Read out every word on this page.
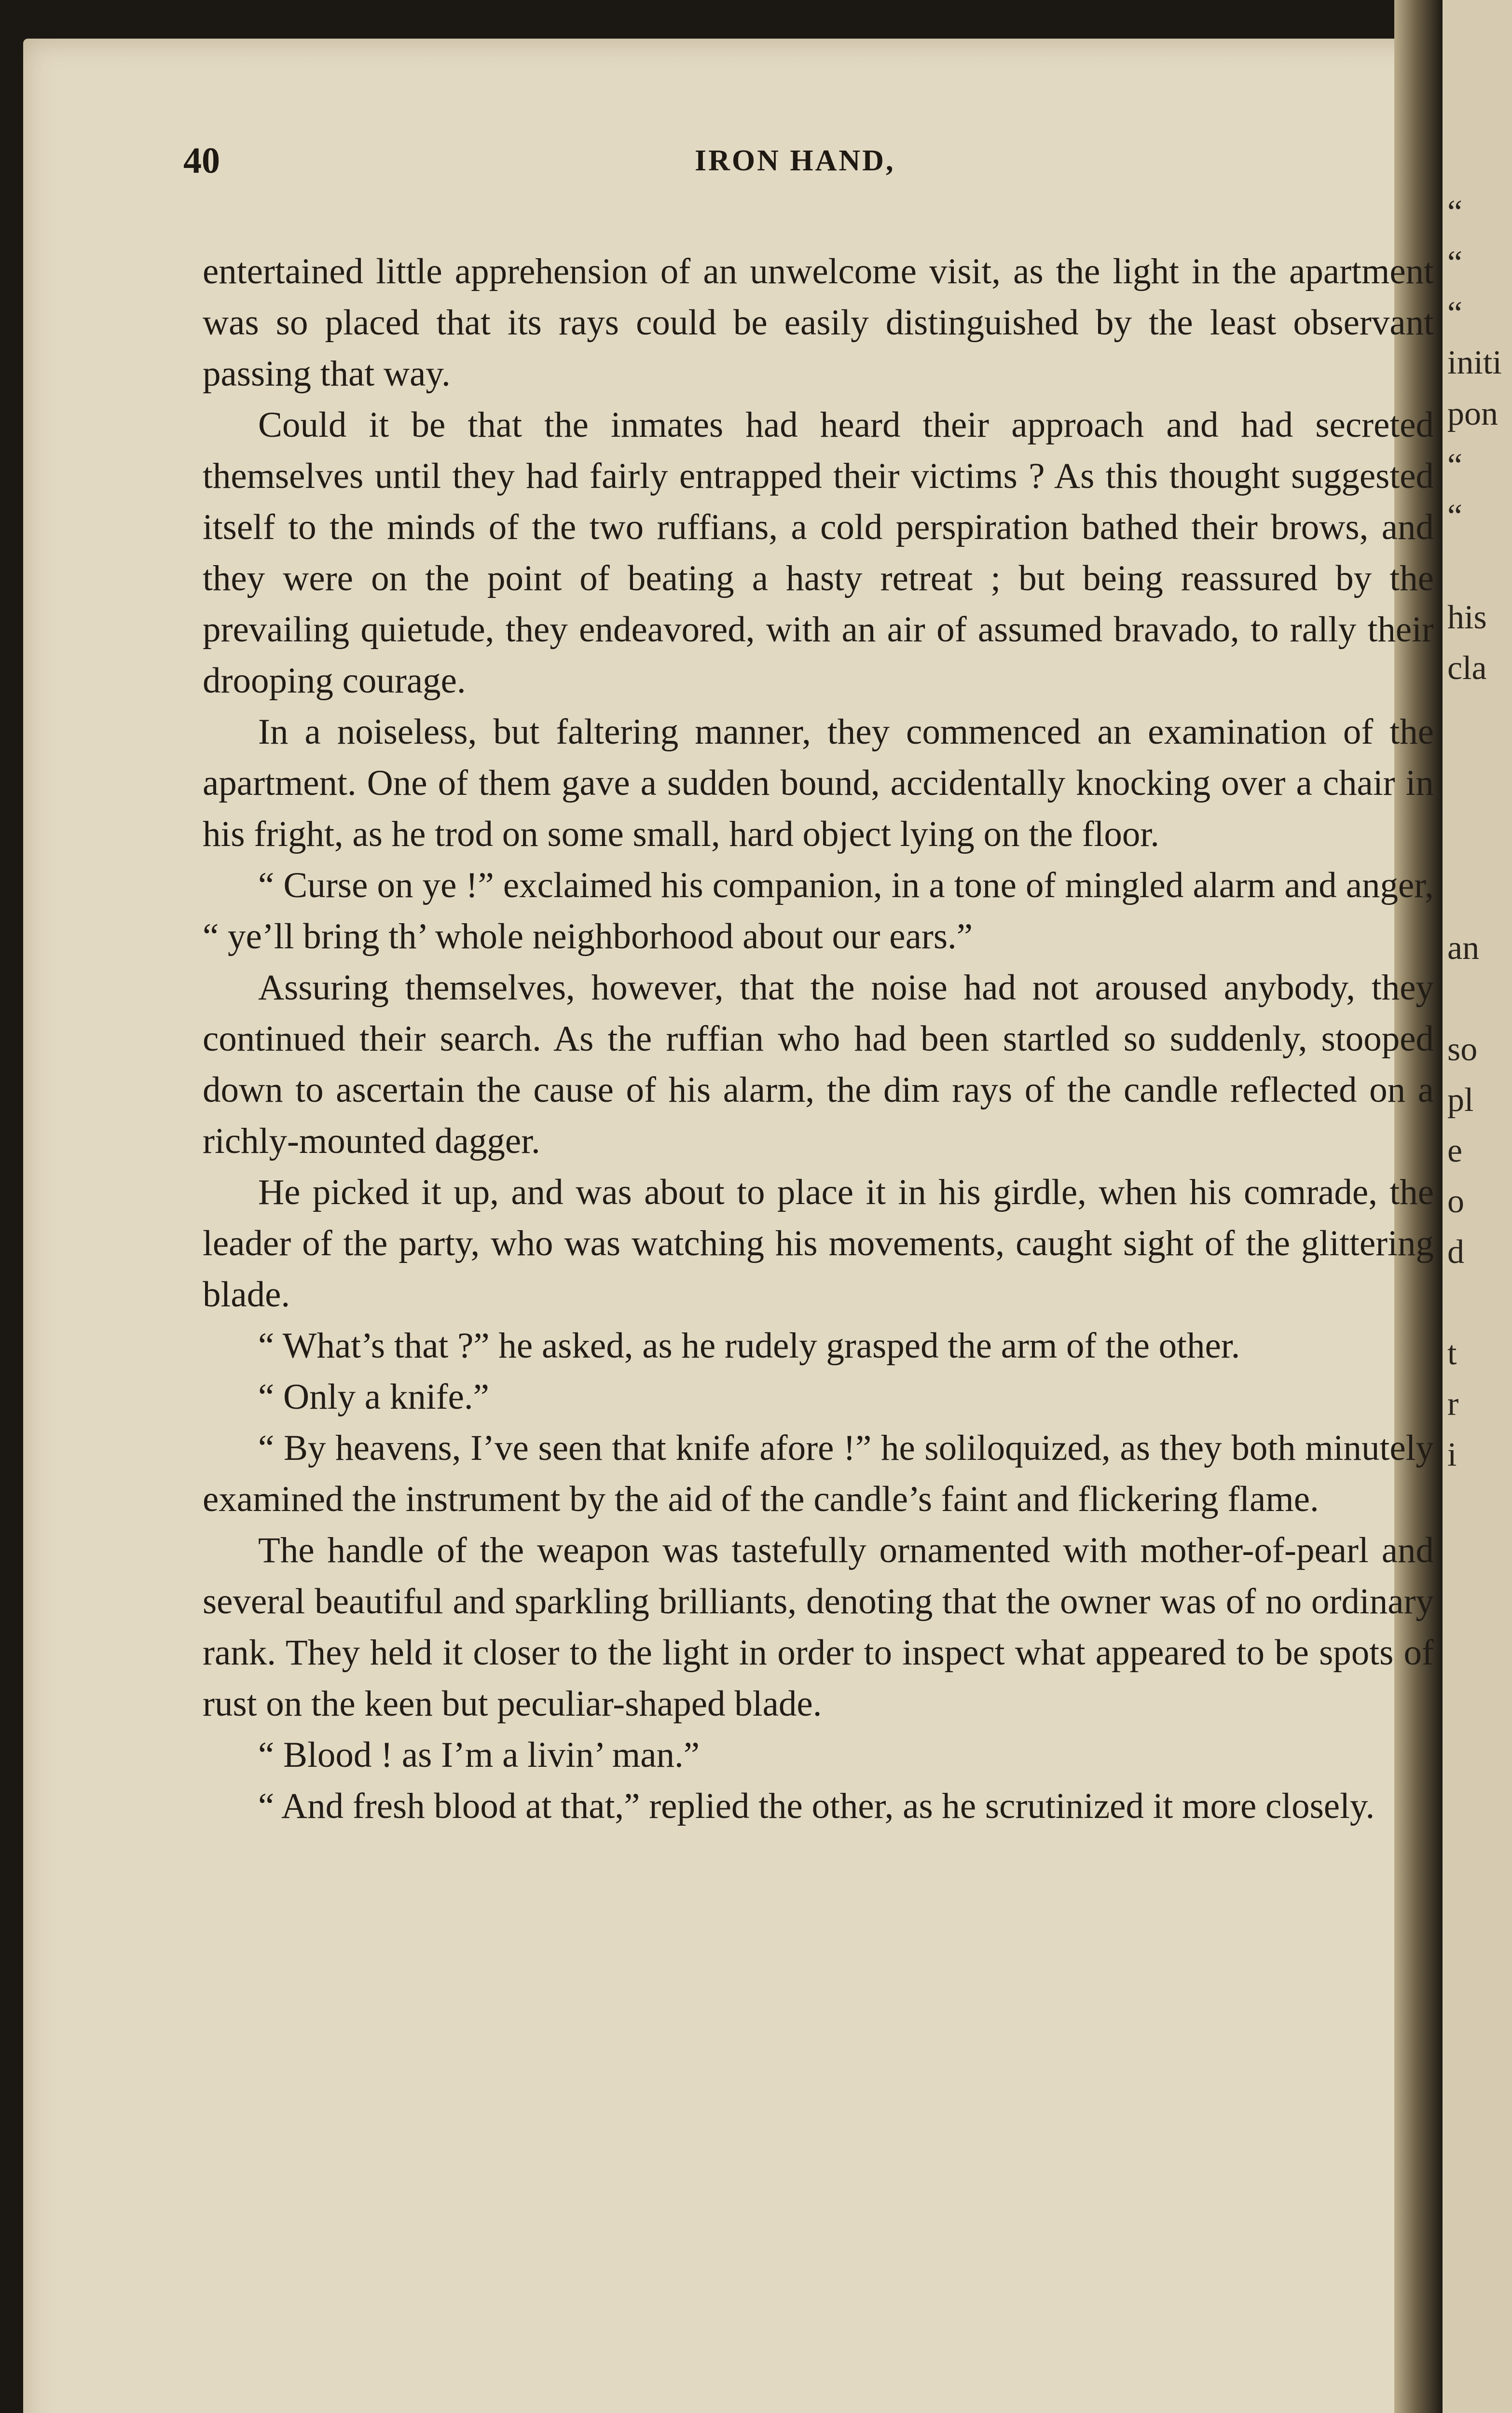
“
“
“
initi
pon
“
“
his
cla
an
so
pl
e
o
d
t
r
i
40	IRON HAND,

entertained little apprehension of an unwelcome visit, as the light in the apartment was so placed that its rays could be easily distinguished by the least observant passing that way.

Could it be that the inmates had heard their approach and had secreted themselves until they had fairly entrapped their victims ? As this thought suggested itself to the minds of the two ruffians, a cold perspiration bathed their brows, and they were on the point of beating a hasty retreat ; but being reassured by the prevailing quietude, they endeavored, with an air of assumed bravado, to rally their drooping courage.

In a noiseless, but faltering manner, they commenced an examination of the apartment. One of them gave a sudden bound, accidentally knocking over a chair in his fright, as he trod on some small, hard object lying on the floor.

“ Curse on ye !” exclaimed his companion, in a tone of mingled alarm and anger, “ ye’ll bring th’ whole neighborhood about our ears.”

Assuring themselves, however, that the noise had not aroused anybody, they continued their search. As the ruffian who had been startled so suddenly, stooped down to ascertain the cause of his alarm, the dim rays of the candle reflected on a richly-mounted dagger.

He picked it up, and was about to place it in his girdle, when his comrade, the leader of the party, who was watching his movements, caught sight of the glittering blade.

“ What’s that ?” he asked, as he rudely grasped the arm of the other.

“ Only a knife.”

“ By heavens, I’ve seen that knife afore !” he soliloquized, as they both minutely examined the instrument by the aid of the candle’s faint and flickering flame.

The handle of the weapon was tastefully ornamented with mother-of-pearl and several beautiful and sparkling brilliants, denoting that the owner was of no ordinary rank. They held it closer to the light in order to inspect what appeared to be spots of rust on the keen but peculiar-shaped blade.

“ Blood ! as I’m a livin’ man.”

“ And fresh blood at that,” replied the other, as he scrutinized it more closely.
